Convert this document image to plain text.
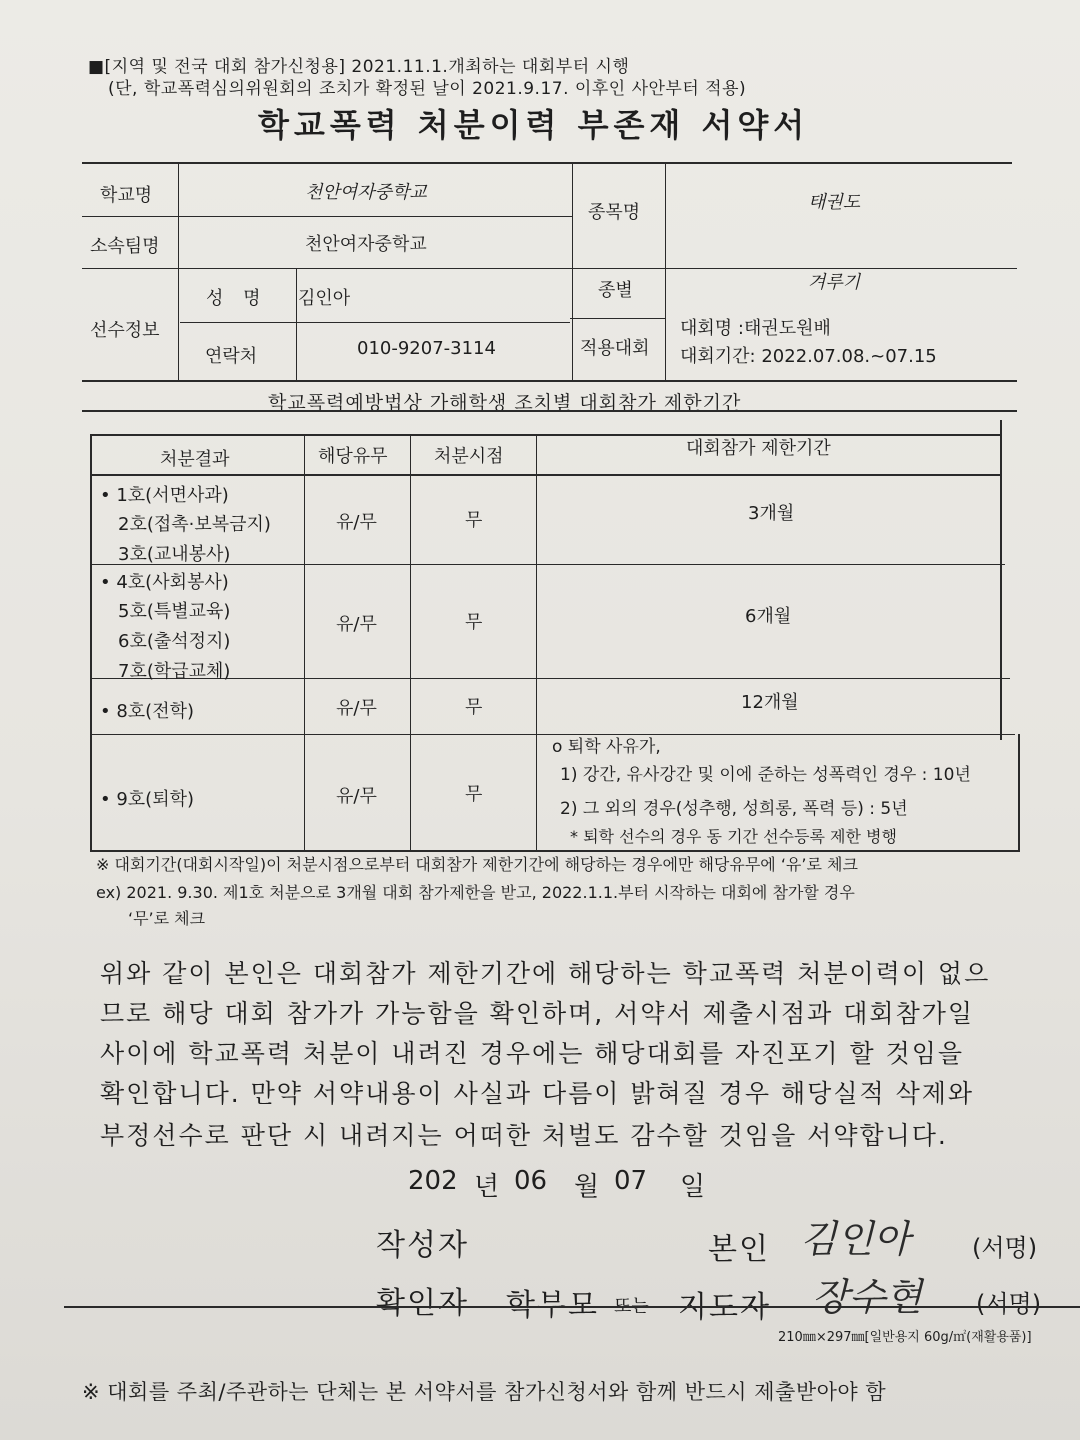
■[지역 및 전국 대회 참가신청용] 2021.11.1.개최하는 대회부터 시행
(단, 학교폭력심의위원회의 조치가 확정된 날이 2021.9.17. 이후인 사안부터 적용)
학교폭력 처분이력 부존재 서약서
학교명	천안여자중학교
소속팀명	천안여자중학교
종목명	태권도
선수정보
성 명 김인아
연락처	010-9207-3114
종별	겨루기
적용대회
대회명 :태권도원배
대회기간: 2022.07.08.~07.15
학교폭력예방법상 가해학생 조치별 대회참가 제한기간
처분결과	해당유무	처분시점	대회참가 제한기간
• 1호(서면사과)
2호(접촉·보복금지)
3호(교내봉사)
유/무	무	3개월
• 4호(사회봉사)
5호(특별교육)
6호(출석정지)
7호(학급교체)
유/무	무	6개월
• 8호(전학)	유/무	무	12개월
• 9호(퇴학)	유/무	무
ο 퇴학 사유가,
1) 강간, 유사강간 및 이에 준하는 성폭력인 경우 : 10년
2) 그 외의 경우(성추행, 성희롱, 폭력 등) : 5년
* 퇴학 선수의 경우 동 기간 선수등록 제한 병행
※ 대회기간(대회시작일)이 처분시점으로부터 대회참가 제한기간에 해당하는 경우에만 해당유무에 ‘유’로 체크
ex) 2021. 9.30. 제1호 처분으로 3개월 대회 참가제한을 받고, 2022.1.1.부터 시작하는 대회에 참가할 경우
‘무’로 체크
위와 같이 본인은 대회참가 제한기간에 해당하는 학교폭력 처분이력이 없으
므로 해당 대회 참가가 가능함을 확인하며, 서약서 제출시점과 대회참가일
사이에 학교폭력 처분이 내려진 경우에는 해당대회를 자진포기 할 것임을
확인합니다. 만약 서약내용이 사실과 다름이 밝혀질 경우 해당실적 삭제와
부정선수로 판단 시 내려지는 어떠한 처벌도 감수할 것임을 서약합니다.
202 년 06 월 07 일
작성자	본인 김인아	(서명)
확인자 학부모 또는 지도자 장수현 (서명)
210㎜×297㎜[일반용지 60g/㎡(재활용품)]
※ 대회를 주최/주관하는 단체는 본 서약서를 참가신청서와 함께 반드시 제출받아야 함
